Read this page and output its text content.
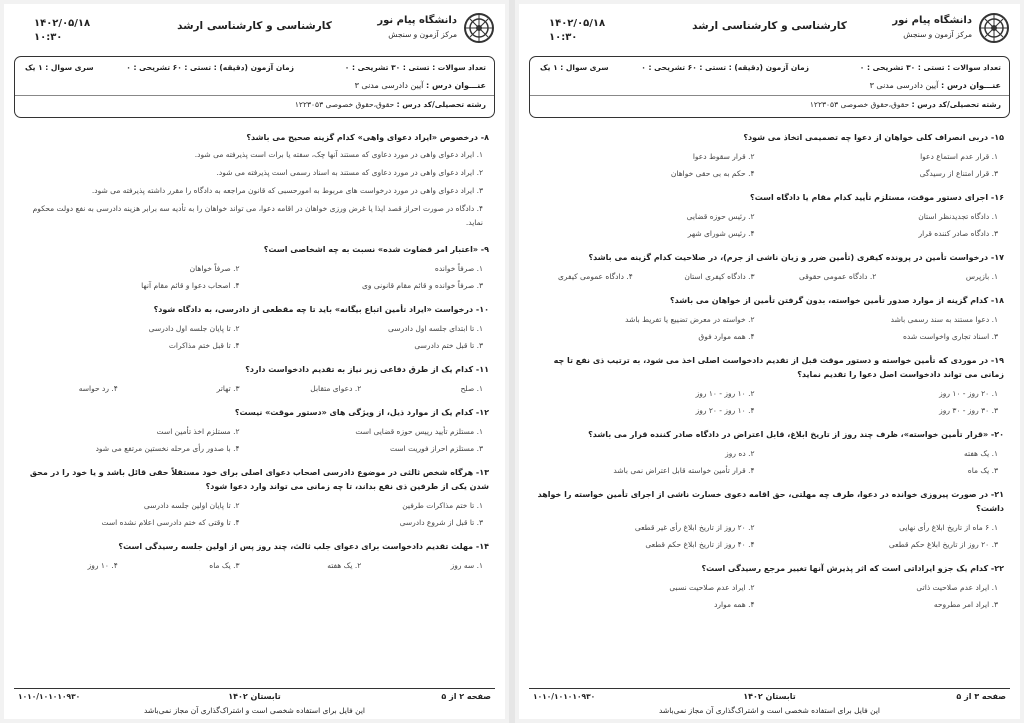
دانشگاه پیام نور
مرکز آزمون و سنجش
کارشناسی و کارشناسی ارشد
۱۴۰۲/۰۵/۱۸
۱۰:۳۰
تعداد سوالات : تستی : ۳۰ تشریحی : ۰
زمان آزمون (دقیقه) : تستی : ۶۰ تشریحی : ۰
سری سوال : ۱ یک
عنـــوان درس : آیین دادرسی مدنی ۳
رشته تحصیلی/کد درس : حقوق،حقوق خصوصی ۱۲۲۳۰۵۳
۸- درخصوص «ایراد دعوای واهی» کدام گزینه صحیح می باشد؟
۱. ایراد دعوای واهی در مورد دعاوی که مستند آنها چک، سفته یا برات است پذیرفته می شود.
۲. ایراد دعوای واهی در مورد دعاوی که مستند به اسناد رسمی است پذیرفته می شود.
۳. ایراد دعوای واهی در مورد درخواست های مربوط به امورحسبی که قانون مراجعه به دادگاه را مقرر داشته پذیرفته می شود.
۴. دادگاه در صورت احراز قصد ایذا یا غرض ورزی خواهان در اقامه دعوا، می تواند خواهان را به تأدیه سه برابر هزینه دادرسی به نفع دولت محکوم نماید.
۹- «اعتبار امر قضاوت شده» نسبت به چه اشخاصی است؟
۱. صرفاً خوانده
۲. صرفاً خواهان
۳. صرفاً خوانده و قائم مقام قانونی وی
۴. اصحاب دعوا و قائم مقام آنها
۱۰- درخواست «ایراد تأمین اتباع بیگانه» باید تا چه مقطعی از دادرسی، به دادگاه شود؟
۱. تا ابتدای جلسه اول دادرسی
۲. تا پایان جلسه اول دادرسی
۳. تا قبل ختم دادرسی
۴. تا قبل ختم مذاکرات
۱۱- کدام یک از طرق دفاعی زیر نیاز به تقدیم دادخواست دارد؟
۱. صلح
۲. دعوای متقابل
۳. تهاتر
۴. رد حواسه
۱۲- کدام یک از موارد ذیل، از ویژگی های «دستور موقت» نیست؟
۱. مستلزم تأیید رییس حوزه قضایی است
۲. مستلزم اخذ تأمین است
۳. مستلزم احراز فوریت است
۴. با صدور رأی مرحله نخستین مرتفع می شود
۱۳- هرگاه شخص ثالثی در موضوع دادرسی اصحاب دعوای اصلی برای خود مستقلاً حقی قائل باشد و یا خود را در محق شدن یکی از طرفین ذی نفع بداند، تا چه زمانی می تواند وارد دعوا شود؟
۱. تا ختم مذاکرات طرفین
۲. تا پایان اولین جلسه دادرسی
۳. تا قبل از شروع دادرسی
۴. تا وقتی که ختم دادرسی اعلام نشده است
۱۴- مهلت تقدیم دادخواست برای دعوای جلب ثالث، چند روز پس از اولین جلسه رسیدگی است؟
۱. سه روز
۲. یک هفته
۳. یک ماه
۴. ۱۰ روز
صفحه ۲ از ۵
تابستان ۱۴۰۲
۱۰۱۰/۱۰۱۰۱۰۹۳۰
این فایل برای استفاده شخصی است و اشتراک‌گذاری آن مجاز نمی‌باشد
دانشگاه پیام نور
مرکز آزمون و سنجش
کارشناسی و کارشناسی ارشد
۱۴۰۲/۰۵/۱۸
۱۰:۳۰
تعداد سوالات : تستی : ۳۰ تشریحی : ۰
زمان آزمون (دقیقه) : تستی : ۶۰ تشریحی : ۰
سری سوال : ۱ یک
عنـــوان درس : آیین دادرسی مدنی ۳
رشته تحصیلی/کد درس : حقوق،حقوق خصوصی ۱۲۲۳۰۵۳
۱۵- دربی انصراف کلی خواهان از دعوا چه تصمیمی اتخاذ می شود؟
۱. قرار عدم استماع دعوا
۲. قرار سقوط دعوا
۳. قرار امتناع از رسیدگی
۴. حکم به بی حقی خواهان
۱۶- اجرای دستور موقت، مستلزم تأیید کدام مقام یا دادگاه است؟
۱. دادگاه تجدیدنظر استان
۲. رئیس حوزه قضایی
۳. دادگاه صادر کننده قرار
۴. رئیس شورای شهر
۱۷- درخواست تأمین در پرونده کیفری (تأمین ضرر و زیان ناشی از جرم)، در صلاحیت کدام گزینه می باشد؟
۱. بازپرس
۲. دادگاه عمومی حقوقی
۳. دادگاه کیفری استان
۴. دادگاه عمومی کیفری
۱۸- کدام گزینه از موارد صدور تأمین خواسته، بدون گرفتن تأمین از خواهان می باشد؟
۱. دعوا مستند به سند رسمی باشد
۲. خواسته در معرض تضییع یا تفریط باشد
۳. اسناد تجاری واخواست شده
۴. همه موارد فوق
۱۹- در موردی که تأمین خواسته و دستور موقت قبل از تقدیم دادخواست اصلی اخذ می شود، به ترتیب ذی نفع تا چه زمانی می تواند دادخواست اصل دعوا را تقدیم نماید؟
۱. ۲۰ روز - ۱۰ روز
۲. ۱۰ روز - ۱۰ روز
۳. ۳۰ روز - ۳۰ روز
۴. ۱۰ روز - ۲۰ روز
۲۰- «قرار تأمین خواسته»، ظرف چند روز از تاریخ ابلاغ، قابل اعتراض در دادگاه صادر کننده قرار می باشد؟
۱. یک هفته
۲. ده روز
۳. یک ماه
۴. قرار تأمین خواسته قابل اعتراض نمی باشد
۲۱- در صورت پیروزی خوانده در دعوا، طرف چه مهلتی، حق اقامه دعوی خسارت ناشی از اجرای تأمین خواسته را خواهد داشت؟
۱. ۶ ماه از تاریخ ابلاغ رأی نهایی
۲. ۲۰ روز از تاریخ ابلاغ رأی غیر قطعی
۳. ۲۰ روز از تاریخ ابلاغ حکم قطعی
۴. ۴۰ روز از تاریخ ابلاغ حکم قطعی
۲۲- کدام یک جزو ایراداتی است که اثر پذیرش آنها تغییر مرجع رسیدگی است؟
۱. ایراد عدم صلاحیت ذاتی
۲. ایراد عدم صلاحیت نسبی
۳. ایراد امر مطروحه
۴. همه موارد
صفحه ۳ از ۵
تابستان ۱۴۰۲
۱۰۱۰/۱۰۱۰۱۰۹۳۰
این فایل برای استفاده شخصی است و اشتراک‌گذاری آن مجاز نمی‌باشد
